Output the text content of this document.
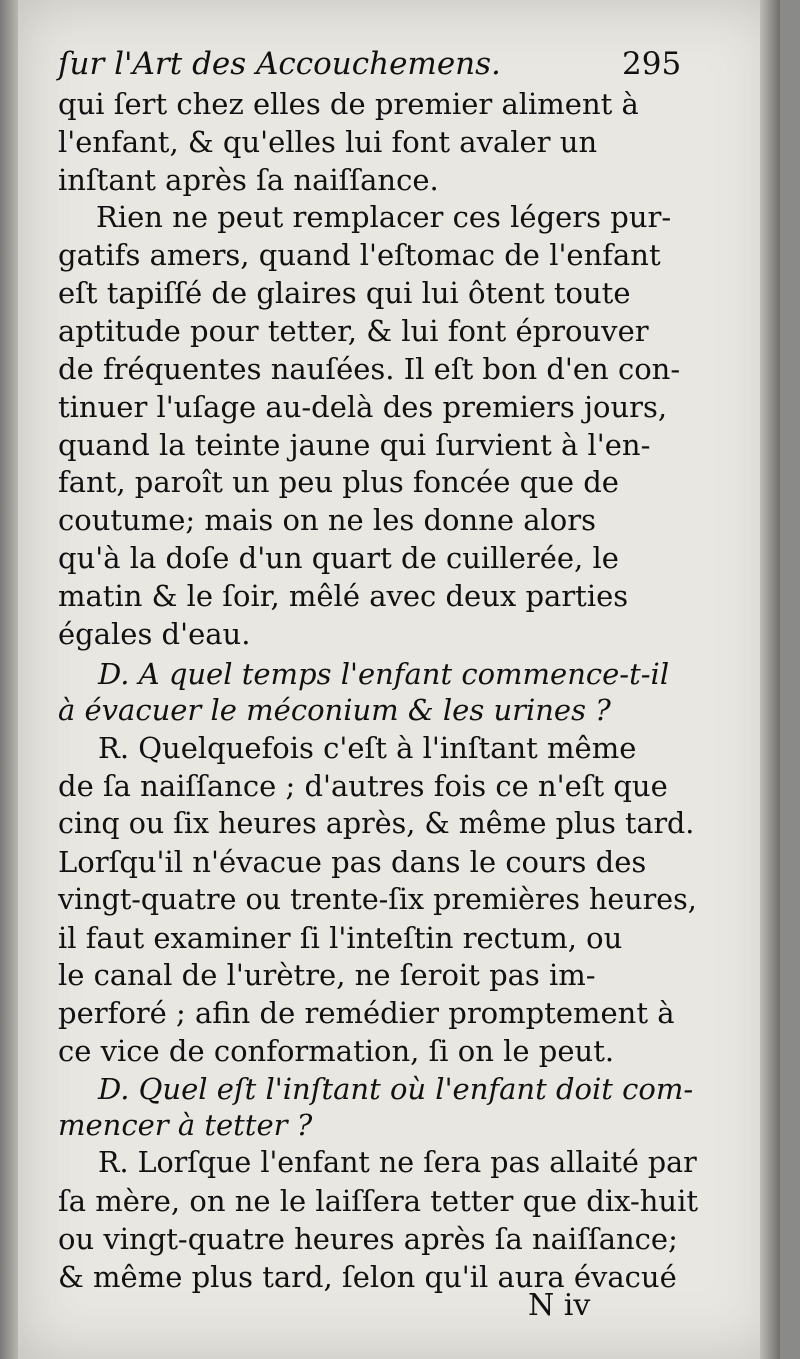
ſur l'Art des Accouchemens.	295
qui ſert chez elles de premier aliment à
l'enfant, & qu'elles lui font avaler un
inſtant après ſa naiſſance.
Rien ne peut remplacer ces légers pur-
gatifs amers, quand l'eſtomac de l'enfant
eſt tapiſſé de glaires qui lui ôtent toute
aptitude pour tetter, & lui font éprouver
de fréquentes nauſées. Il eſt bon d'en con-
tinuer l'uſage au-delà des premiers jours,
quand la teinte jaune qui ſurvient à l'en-
fant, paroît un peu plus foncée que de
coutume; mais on ne les donne alors
qu'à la doſe d'un quart de cuillerée, le
matin & le ſoir, mêlé avec deux parties
égales d'eau.
D. A quel temps l'enfant commence-t-il
à évacuer le méconium & les urines ?
R. Quelquefois c'eſt à l'inſtant même
de ſa naiſſance ; d'autres fois ce n'eſt que
cinq ou ſix heures après, & même plus tard.
Lorſqu'il n'évacue pas dans le cours des
vingt-quatre ou trente-ſix premières heures,
il faut examiner ſi l'inteſtin rectum, ou
le canal de l'urètre, ne ſeroit pas im-
perforé ; afin de remédier promptement à
ce vice de conformation, ſi on le peut.
D. Quel eſt l'inſtant où l'enfant doit com-
mencer à tetter ?
R. Lorſque l'enfant ne ſera pas allaité par
ſa mère, on ne le laiſſera tetter que dix-huit
ou vingt-quatre heures après ſa naiſſance;
& même plus tard, ſelon qu'il aura évacué
N iv
